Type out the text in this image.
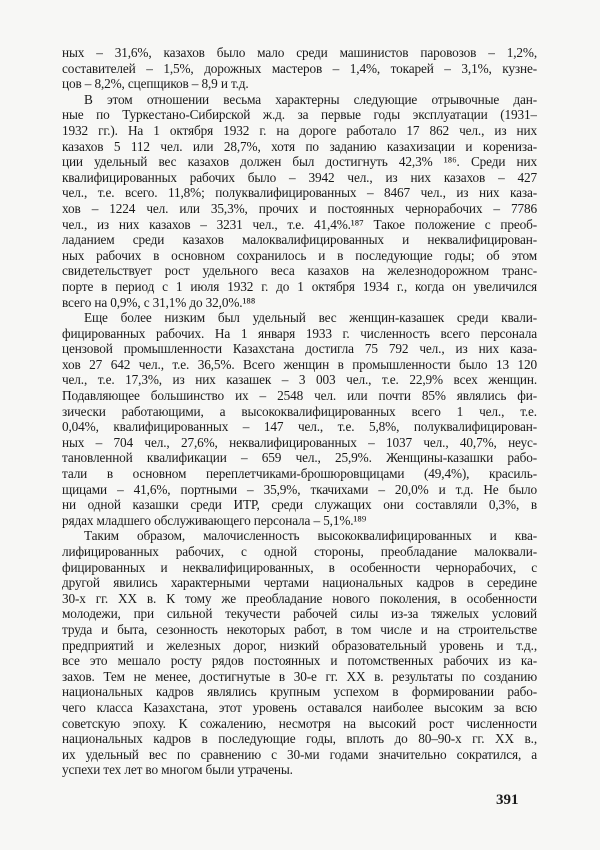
ных – 31,6%, казахов было мало среди машинистов паровозов – 1,2%,
составителей – 1,5%, дорожных мастеров – 1,4%, токарей – 3,1%, кузне-
цов – 8,2%, сцепщиков – 8,9 и т.д.
В этом отношении весьма характерны следующие отрывочные дан-
ные по Туркестано-Сибирской ж.д. за первые годы эксплуатации (1931–
1932 гг.). На 1 октября 1932 г. на дороге работало 17 862 чел., из них
казахов 5 112 чел. или 28,7%, хотя по заданию казахизации и кoренизa-
ции удельный вес казахов должен был достигнуть 42,3% ¹⁸⁶. Среди них
квалифицированных рабочих было – 3942 чел., из них казахов – 427
чел., т.е. всего. 11,8%; полуквалифицированных – 8467 чел., из них каза-
хов – 1224 чел. или 35,3%, прочих и постоянных чернорабочих – 7786
чел., из них казахов – 3231 чел., т.е. 41,4%.¹⁸⁷ Такое положение с преоб-
ладанием среди казахов малоквалифицированных и неквалифицирован-
ных рабочих в основном сохранилось и в последующие годы; об этом
свидетельствует рост удельного веса казахов на железнодорожном транс-
порте в период с 1 июля 1932 г. до 1 октября 1934 г., когда он увеличился
всего на 0,9%, с 31,1% до 32,0%.¹⁸⁸
Еще более низким был удельный вес женщин-казашек среди квали-
фицированных рабочих. На 1 января 1933 г. численность всего персонала
цензовой промышленности Казахстана достигла 75 792 чел., из них казa-
хов 27 642 чел., т.е. 36,5%. Всего женщин в промышленности было 13 120
чел., т.е. 17,3%, из них казашек – 3 003 чел., т.е. 22,9% всех женщин.
Подавляющее большинство их – 2548 чел. или почти 85% являлись фи-
зически работающими, а высококвалифицированных всего 1 чел., т.е.
0,04%, квалифицированных – 147 чел., т.е. 5,8%, полуквалифицирован-
ных – 704 чел., 27,6%, неквалифицированных – 1037 чел., 40,7%, неус-
тановленной квалификации – 659 чел., 25,9%. Женщины-казашки рабо-
тали в основном переплетчиками-брошюровщицами (49,4%), красиль-
щицами – 41,6%, портными – 35,9%, ткачихами – 20,0% и т.д. Не было
ни одной казашки среди ИТР, среди служащих они составляли 0,3%, в
рядах младшего обслуживающего персонала – 5,1%.¹⁸⁹
Таким образом, малочисленность высококвалифицированных и ква-
лифицированных рабочих, с одной стороны, преобладание малоквали-
фицированных и неквалифицированных, в особенности чернорабочих, с
другой явились характерными чертами национальных кадров в середине
30-х гг. ХХ в. К тому же преобладание нового поколения, в особенности
молодежи, при сильной текучести рабочей силы из-за тяжелых условий
труда и быта, сезонность некоторых работ, в том числе и на строительстве
предприятий и железных дорог, низкий образовательный уровень и т.д.,
все это мешало росту рядов постоянных и потомственных рабочих из ка-
захов. Тем не менее, достигнутые в 30-е гг. ХХ в. результаты по созданию
национальных кадров являлись крупным успехом в формировании рабо-
чего класса Казахстана, этот уровень оставался наиболее высоким за всю
советскую эпоху. К сожалению, несмотря на высокий рост численности
национальных кадров в последующие годы, вплоть до 80–90-х гг. ХХ в.,
их удельный вес по сравнению с 30-ми годами значительно сократился, а
успехи тех лет во многом были утрачены.
391
